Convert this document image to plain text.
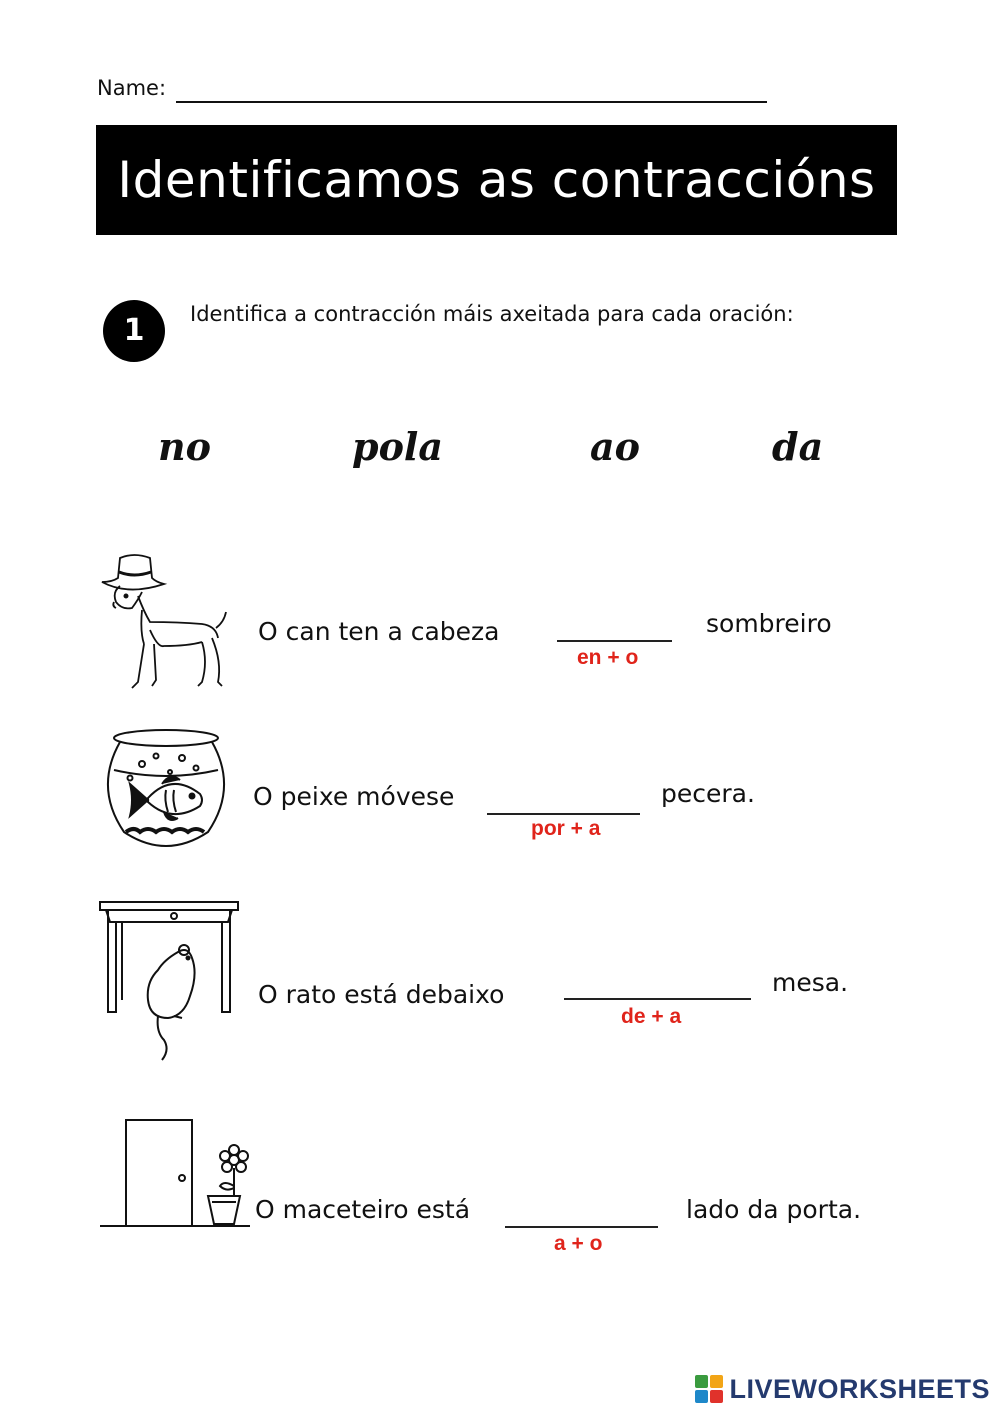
Name:
Identificamos as contraccións
1	Identifica a contracción máis axeitada para cada oración:
no	pola	ao	da
O can ten a cabeza
en + o
sombreiro
O peixe móvese
por + a
pecera.
O rato está debaixo
de + a
mesa.
O maceteiro está
a + o
lado da porta.
LIVEWORKSHEETS
